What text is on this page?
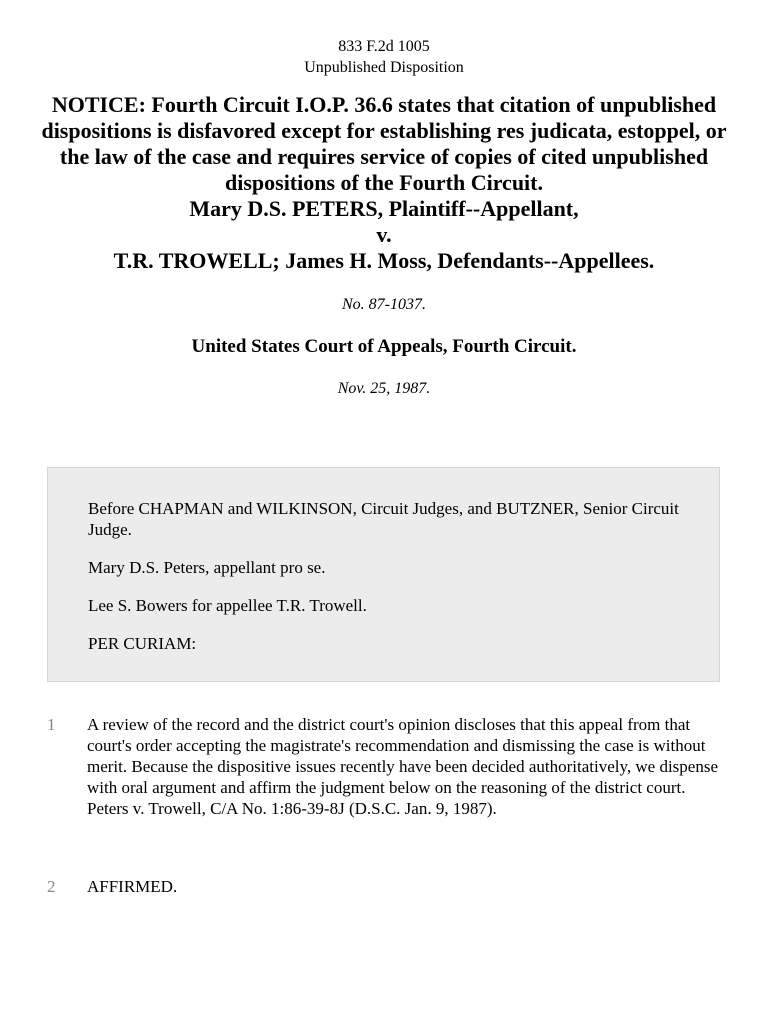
833 F.2d 1005
Unpublished Disposition
NOTICE: Fourth Circuit I.O.P. 36.6 states that citation of unpublished dispositions is disfavored except for establishing res judicata, estoppel, or the law of the case and requires service of copies of cited unpublished dispositions of the Fourth Circuit.
Mary D.S. PETERS, Plaintiff--Appellant,
v.
T.R. TROWELL; James H. Moss, Defendants--Appellees.
No. 87-1037.
United States Court of Appeals, Fourth Circuit.
Nov. 25, 1987.

Before CHAPMAN and WILKINSON, Circuit Judges, and BUTZNER, Senior Circuit Judge.

Mary D.S. Peters, appellant pro se.

Lee S. Bowers for appellee T.R. Trowell.

PER CURIAM:

1	A review of the record and the district court's opinion discloses that this appeal from that court's order accepting the magistrate's recommendation and dismissing the case is without merit. Because the dispositive issues recently have been decided authoritatively, we dispense with oral argument and affirm the judgment below on the reasoning of the district court. Peters v. Trowell, C/A No. 1:86-39-8J (D.S.C. Jan. 9, 1987).
2	AFFIRMED.
